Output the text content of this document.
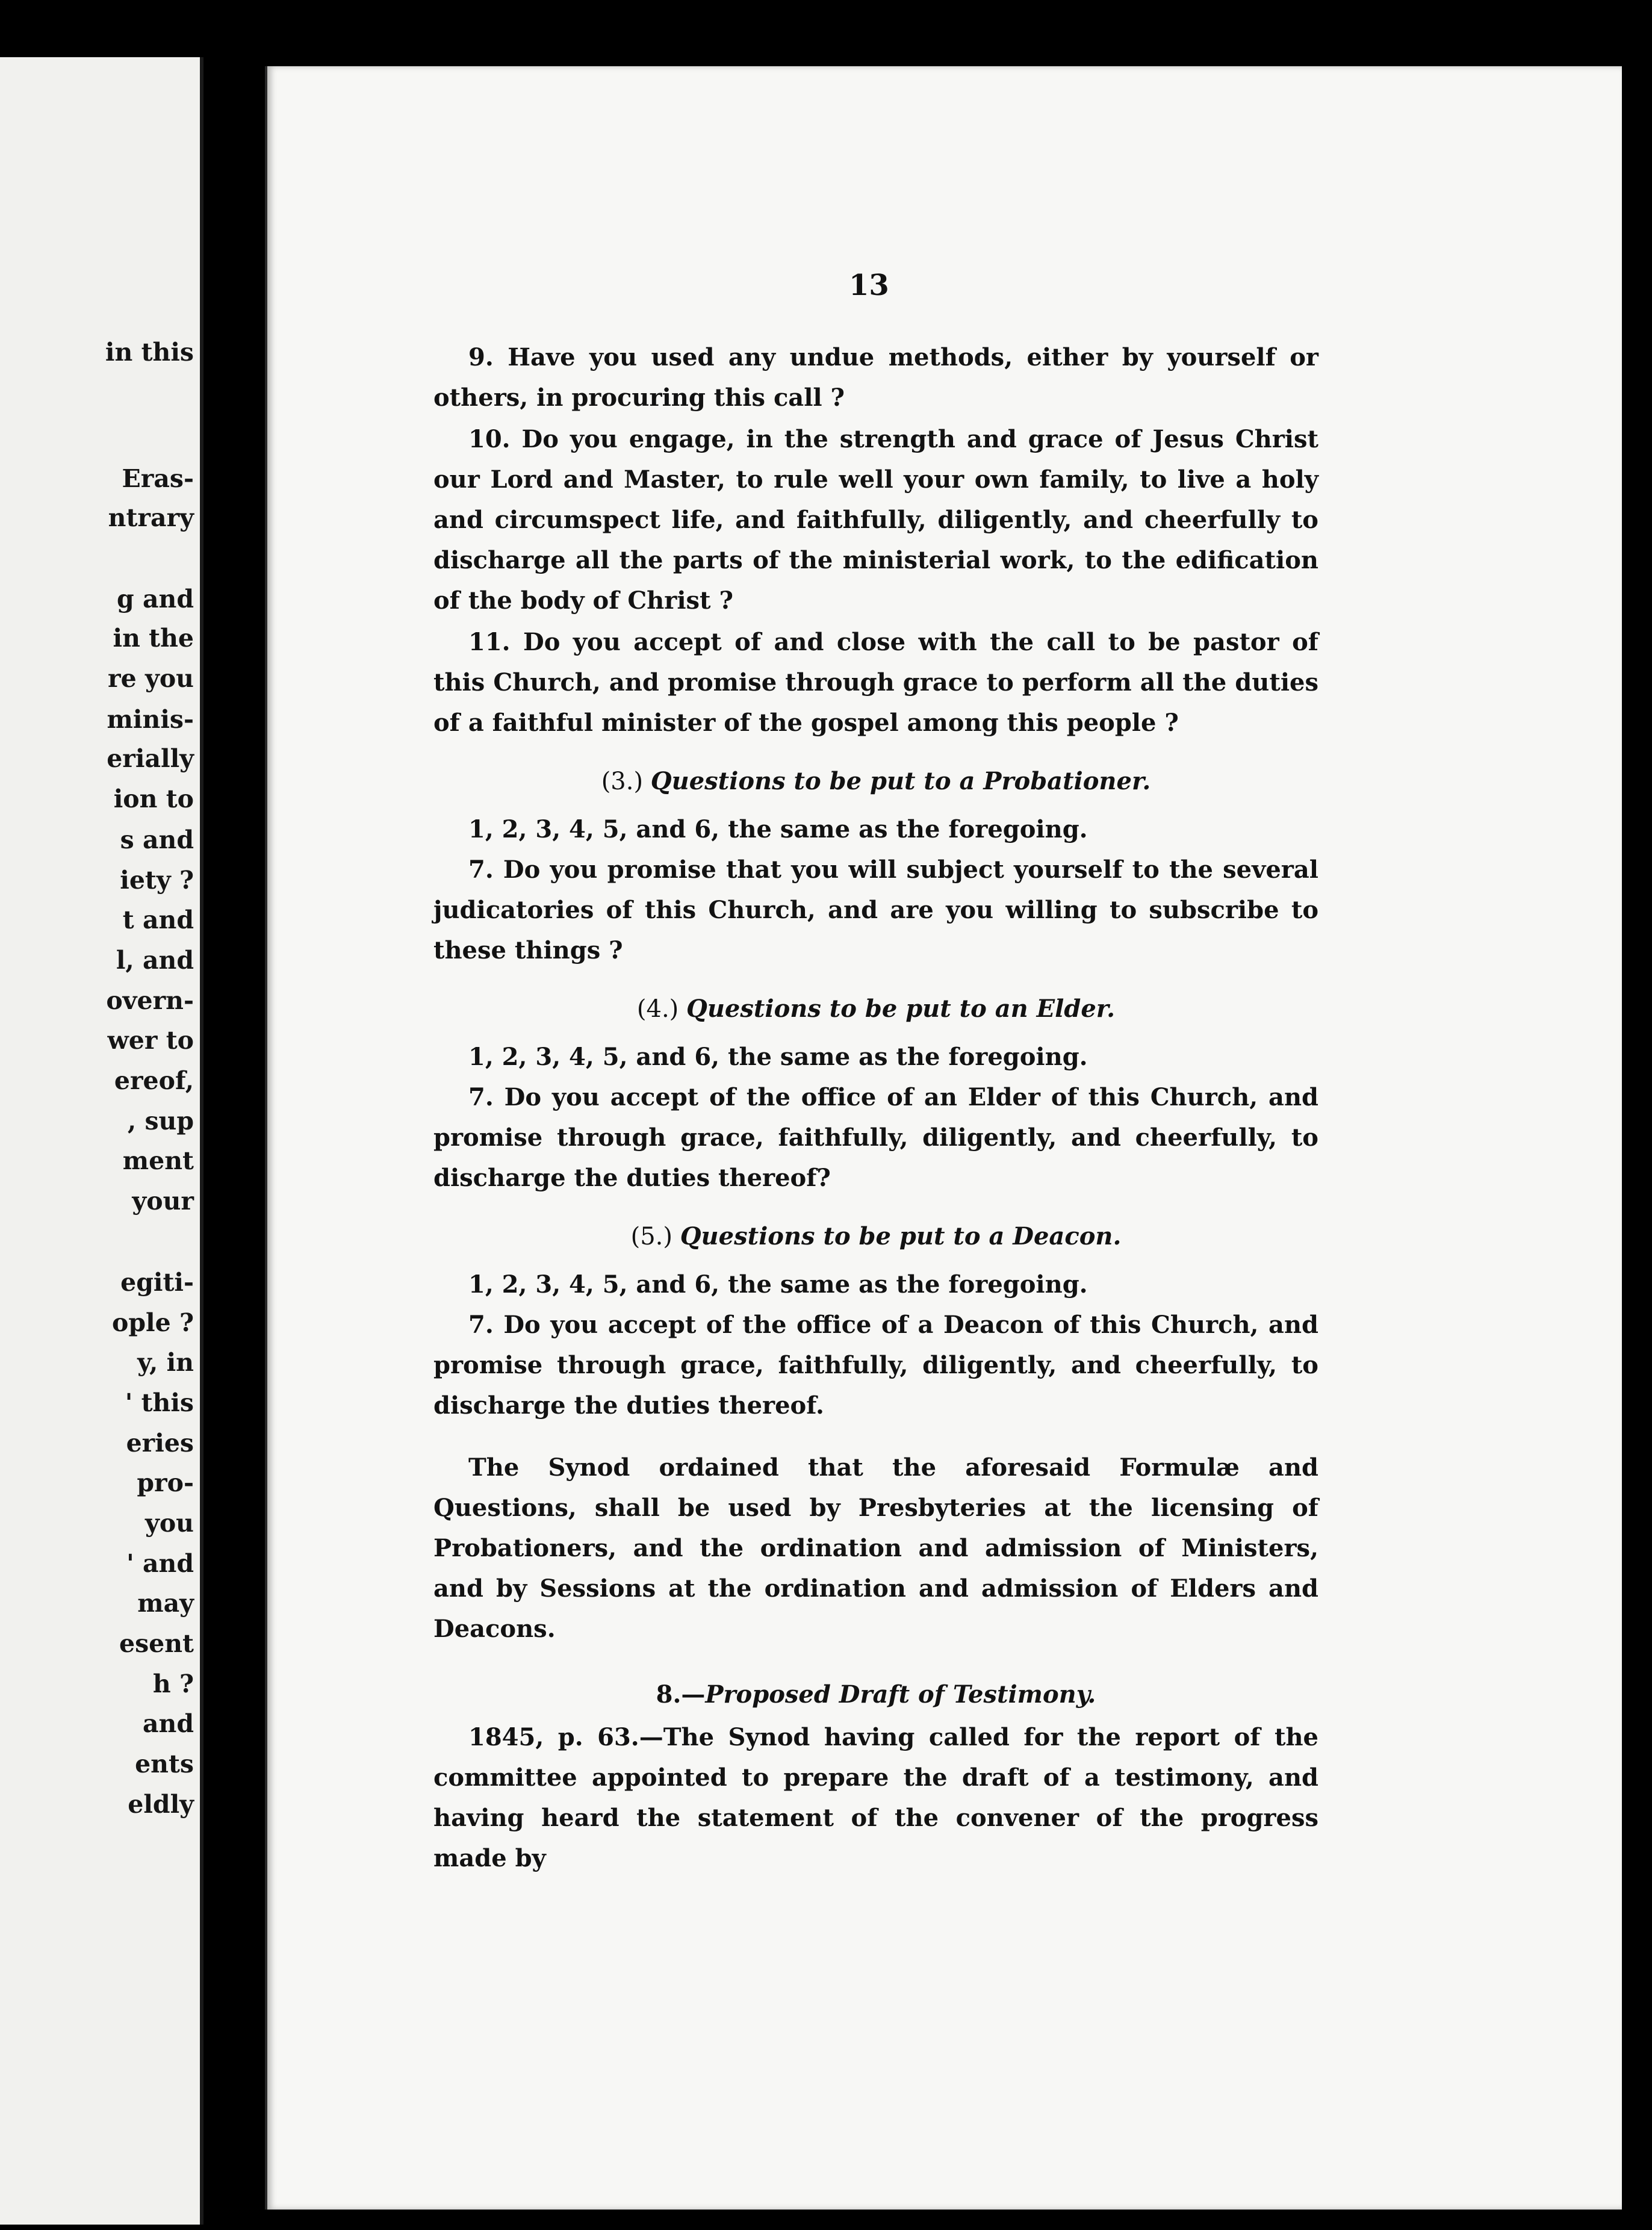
in this
Eras-
ntrary
g and
in the
re you
minis-
erially
ion to
s and
iety ?
t and
l, and
overn-
wer to
ereof,
, sup
ment
your
egiti-
ople ?
y, in
' this
eries
pro-
you
' and
may
esent
h ?
and
ents
eldly
13

9. Have you used any undue methods, either by yourself or others, in procuring this call ?

10. Do you engage, in the strength and grace of Jesus Christ our Lord and Master, to rule well your own family, to live a holy and circumspect life, and faithfully, diligently, and cheerfully to discharge all the parts of the ministerial work, to the edification of the body of Christ ?

11. Do you accept of and close with the call to be pastor of this Church, and promise through grace to perform all the duties of a faithful minister of the gospel among this people ?

(3.) Questions to be put to a Probationer.

1, 2, 3, 4, 5, and 6, the same as the foregoing.

7. Do you promise that you will subject yourself to the several judicatories of this Church, and are you willing to subscribe to these things ?

(4.) Questions to be put to an Elder.

1, 2, 3, 4, 5, and 6, the same as the foregoing.

7. Do you accept of the office of an Elder of this Church, and promise through grace, faithfully, diligently, and cheerfully, to discharge the duties thereof?

(5.) Questions to be put to a Deacon.

1, 2, 3, 4, 5, and 6, the same as the foregoing.

7. Do you accept of the office of a Deacon of this Church, and promise through grace, faithfully, diligently, and cheerfully, to discharge the duties thereof.

The Synod ordained that the aforesaid Formulæ and Questions, shall be used by Presbyteries at the licensing of Probationers, and the ordination and admission of Ministers, and by Sessions at the ordination and admission of Elders and Deacons.

8.—Proposed Draft of Testimony.

1845, p. 63.—The Synod having called for the report of the committee appointed to prepare the draft of a testimony, and having heard the statement of the convener of the progress made by
